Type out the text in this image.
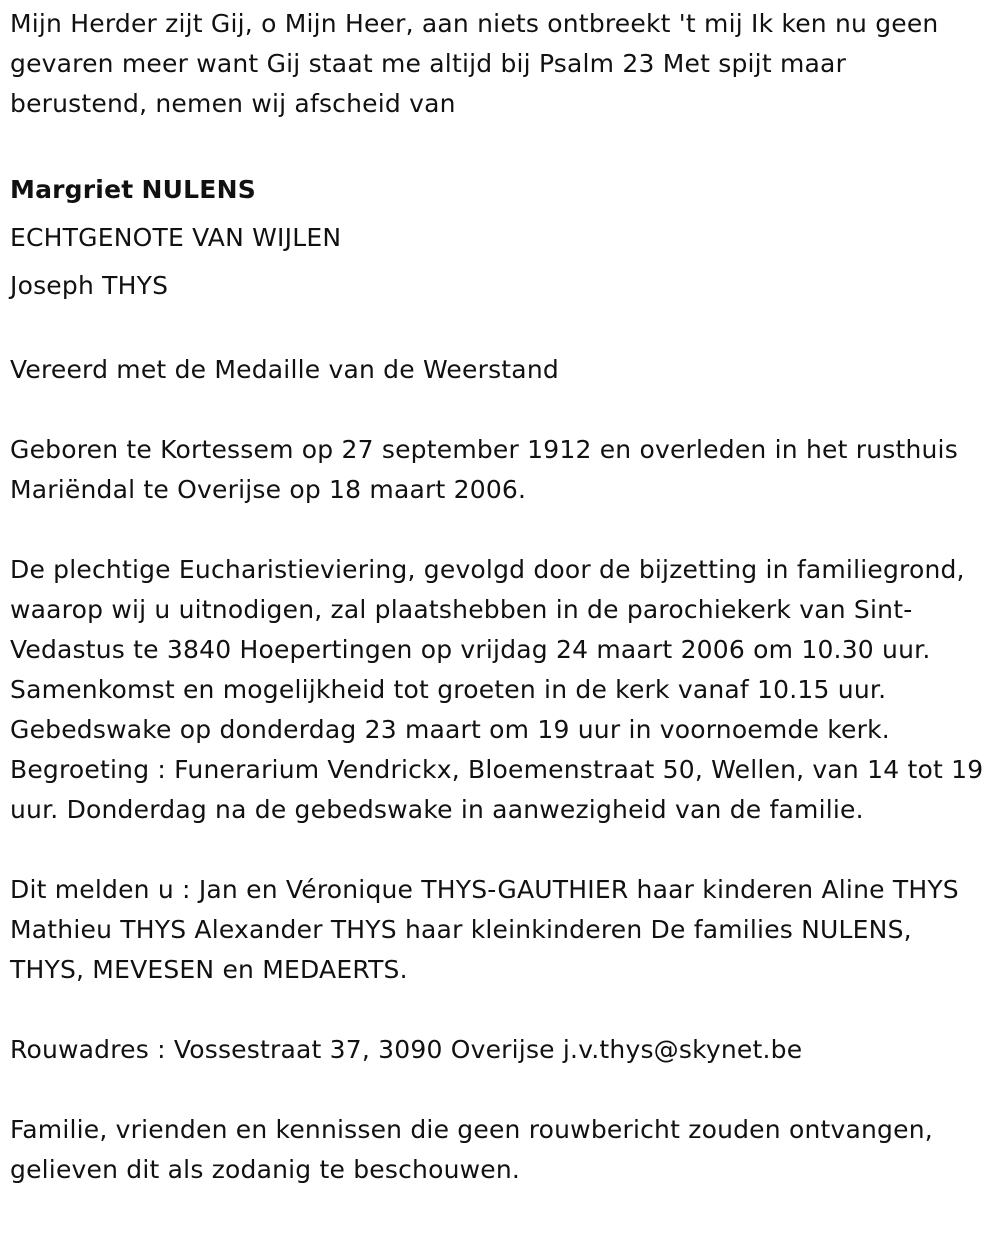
Mijn Herder zijt Gij, o Mijn Heer, aan niets ontbreekt 't mij Ik ken nu geen gevaren meer want Gij staat me altijd bij Psalm 23 Met spijt maar berustend, nemen wij afscheid van

Margriet NULENS

ECHTGENOTE VAN WIJLEN

Joseph THYS

Vereerd met de Medaille van de Weerstand

Geboren te Kortessem op 27 september 1912 en overleden in het rusthuis Mariëndal te Overijse op 18 maart 2006.

De plechtige Eucharistieviering, gevolgd door de bijzetting in familiegrond, waarop wij u uitnodigen, zal plaatshebben in de parochiekerk van Sint-Vedastus te 3840 Hoepertingen op vrijdag 24 maart 2006 om 10.30 uur. Samenkomst en mogelijkheid tot groeten in de kerk vanaf 10.15 uur. Gebedswake op donderdag 23 maart om 19 uur in voornoemde kerk. Begroeting : Funerarium Vendrickx, Bloemenstraat 50, Wellen, van 14 tot 19 uur. Donderdag na de gebedswake in aanwezigheid van de familie.

Dit melden u : Jan en Véronique THYS-GAUTHIER haar kinderen Aline THYS Mathieu THYS Alexander THYS haar kleinkinderen De families NULENS, THYS, MEVESEN en MEDAERTS.

Rouwadres : Vossestraat 37, 3090 Overijse j.v.thys@skynet.be

Familie, vrienden en kennissen die geen rouwbericht zouden ontvangen, gelieven dit als zodanig te beschouwen.
